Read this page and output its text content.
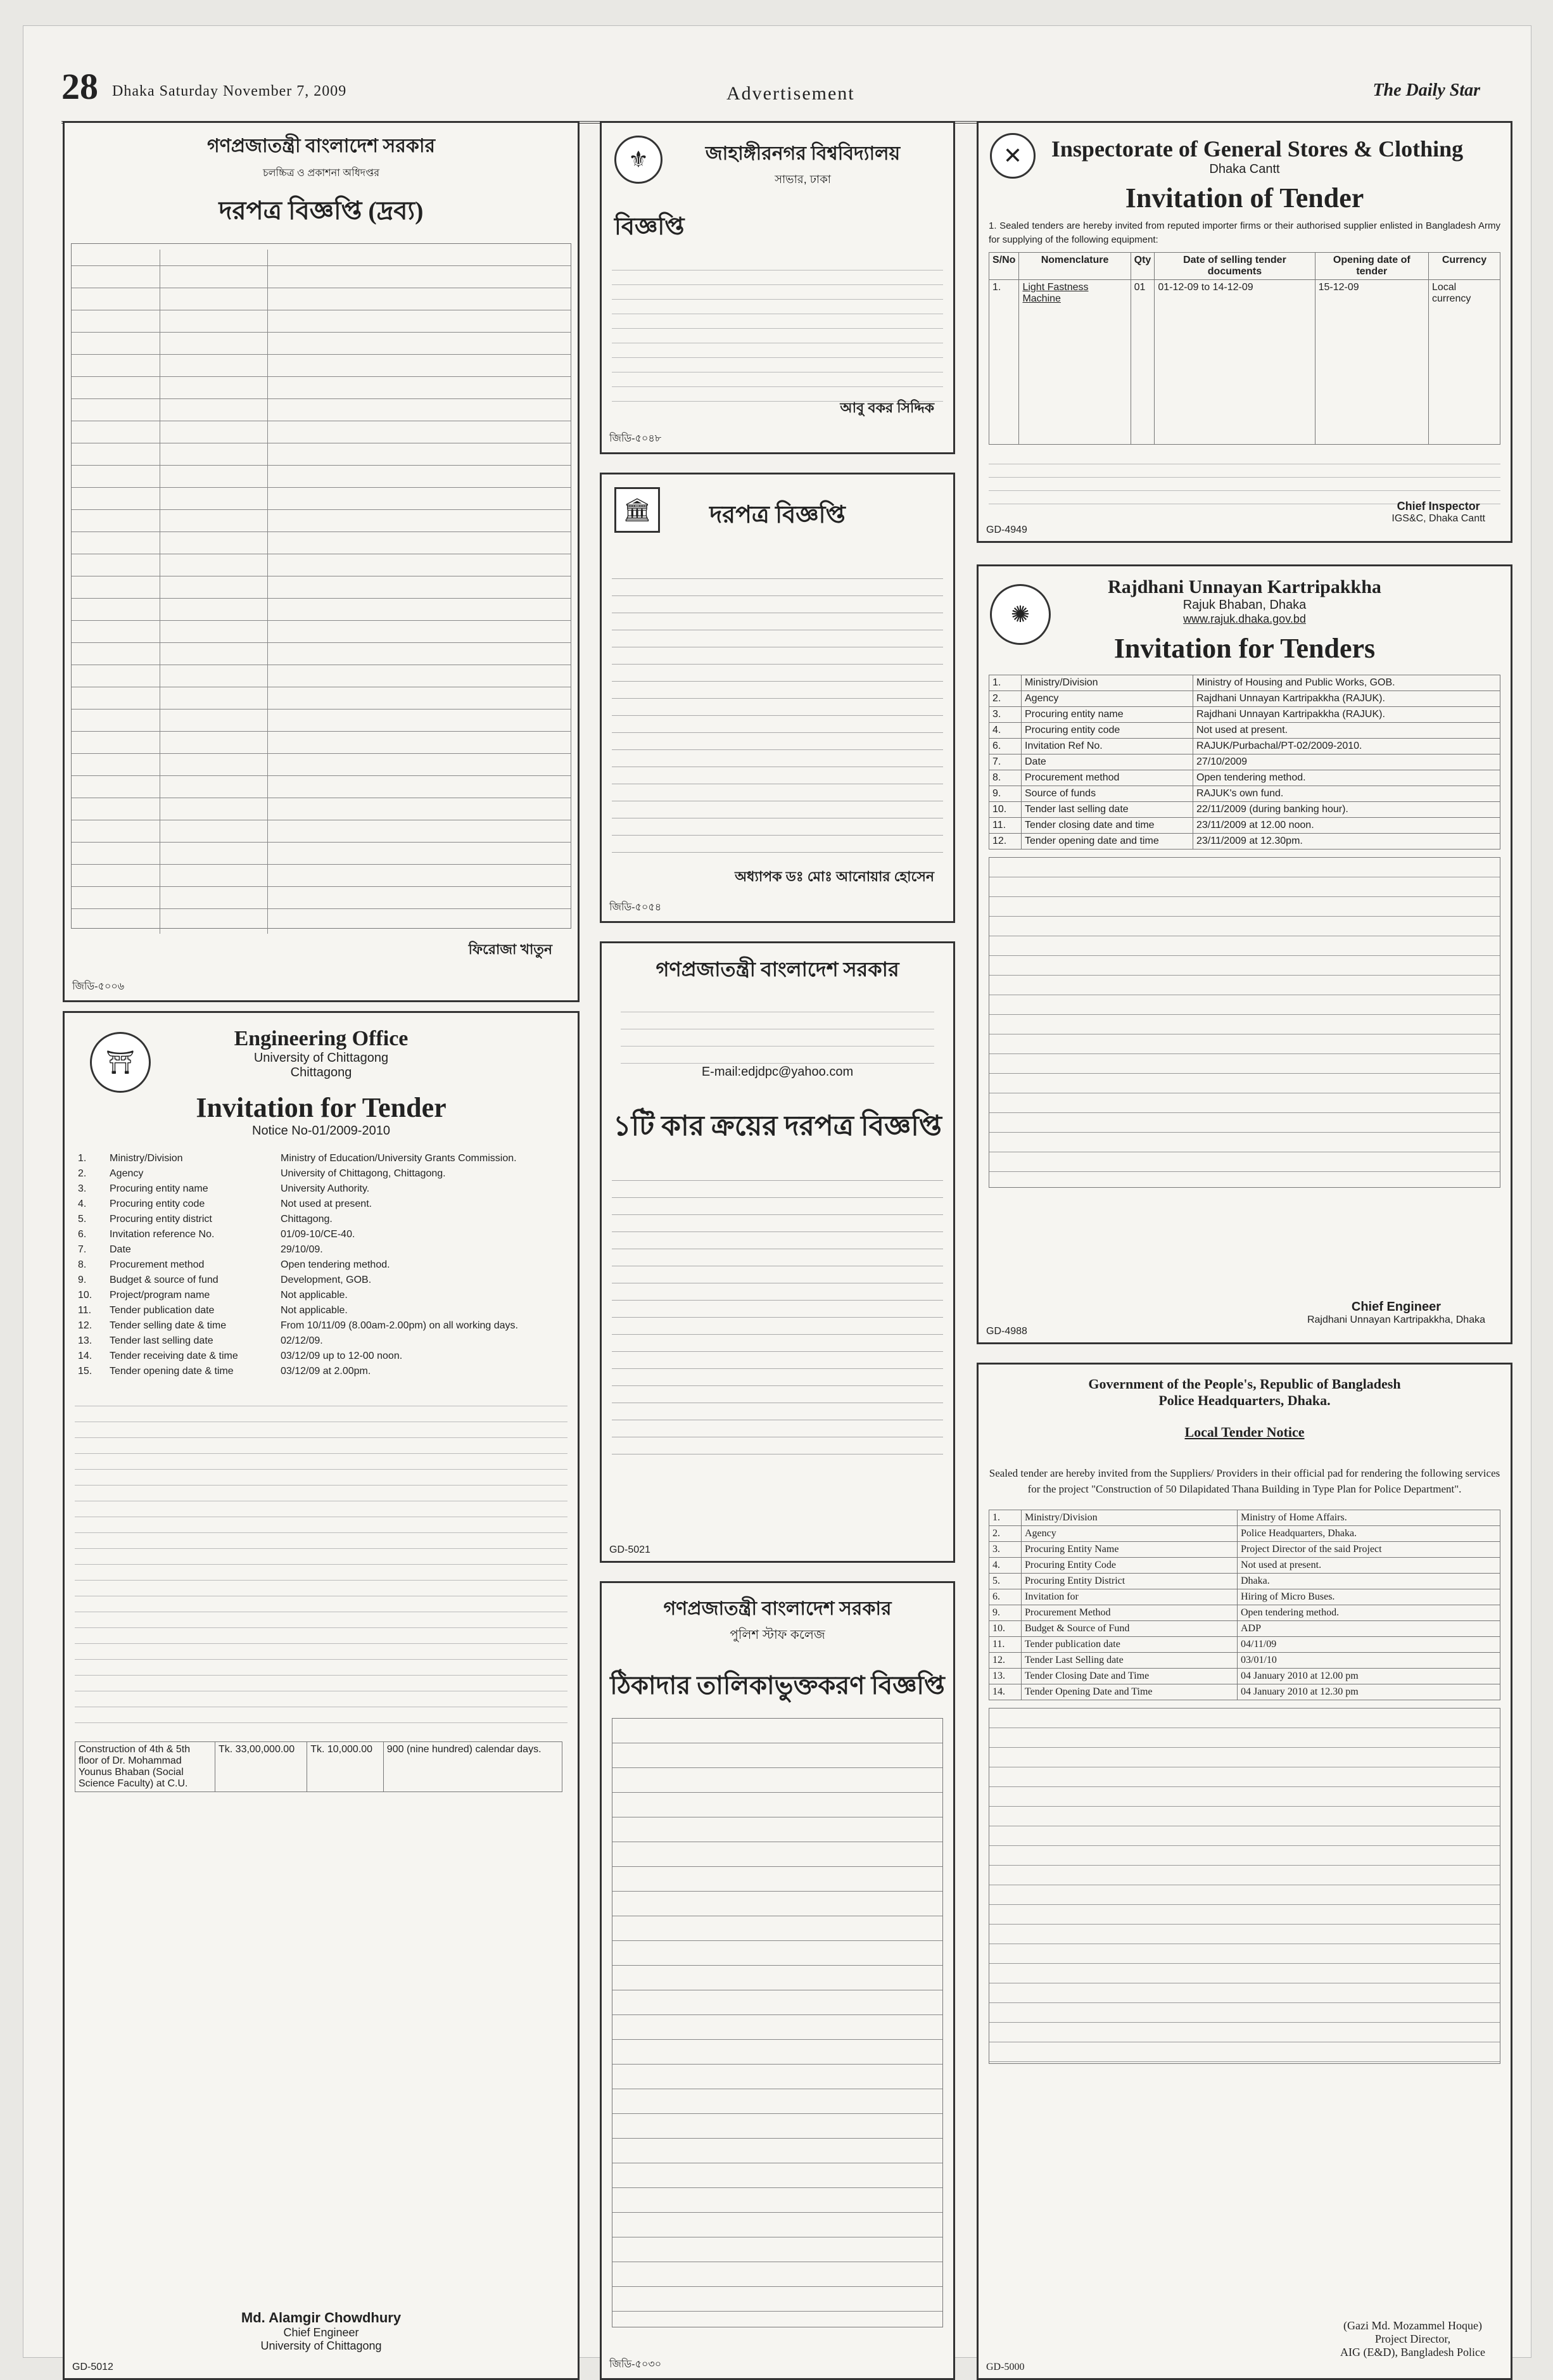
28 Dhaka Saturday November 7, 2009	Advertisement	The Daily Star
গণপ্রজাতন্ত্রী বাংলাদেশ সরকার
চলচ্চিত্র ও প্রকাশনা অধিদপ্তর
দরপত্র বিজ্ঞপ্তি (দ্রব্য)
ফিরোজা খাতুন
জিডি-৫০০৬
⛩
Engineering Office
University of Chittagong
Chittagong
Invitation for Tender
Notice No-01/2009-2010
1.	Ministry/Division	Ministry of Education/University Grants Commission.
2.	Agency	University of Chittagong, Chittagong.
3.	Procuring entity name	University Authority.
4.	Procuring entity code	Not used at present.
5.	Procuring entity district	Chittagong.
6.	Invitation reference No.	01/09-10/CE-40.
7.	Date	29/10/09.
8.	Procurement method	Open tendering method.
9.	Budget & source of fund	Development, GOB.
10.	Project/program name	Not applicable.
11.	Tender publication date	Not applicable.
12.	Tender selling date & time	From 10/11/09 (8.00am-2.00pm) on all working days.
13.	Tender last selling date	02/12/09.
14.	Tender receiving date & time	03/12/09 up to 12-00 noon.
15.	Tender opening date & time	03/12/09 at 2.00pm.
Construction of 4th & 5th floor of Dr. Mohammad Younus Bhaban (Social Science Faculty) at C.U.	Tk. 33,00,000.00	Tk. 10,000.00	900 (nine hundred) calendar days.
Md. Alamgir Chowdhury
Chief Engineer
University of Chittagong
GD-5012
⚜	জাহাঙ্গীরনগর বিশ্ববিদ্যালয়
সাভার, ঢাকা
বিজ্ঞপ্তি
আবু বকর সিদ্দিক
জিডি-৫০৪৮
🏛	দরপত্র বিজ্ঞপ্তি
অধ্যাপক ডঃ মোঃ আনোয়ার হোসেন
জিডি-৫০৫৪
গণপ্রজাতন্ত্রী বাংলাদেশ সরকার
E-mail:edjdpc@yahoo.com
১টি কার ক্রয়ের দরপত্র বিজ্ঞপ্তি
GD-5021
গণপ্রজাতন্ত্রী বাংলাদেশ সরকার
পুলিশ স্টাফ কলেজ
ঠিকাদার তালিকাভুক্তকরণ বিজ্ঞপ্তি
জিডি-৫০৩০
✕	Inspectorate of General Stores & Clothing
Dhaka Cantt
Invitation of Tender
1. Sealed tenders are hereby invited from reputed importer firms or their authorised supplier enlisted in Bangladesh Army for supplying of the following equipment:
S/No	Nomenclature	Qty	Date of selling tender documents	Opening date of tender	Currency
1.	Light Fastness Machine	01	01-12-09 to 14-12-09	15-12-09	Local currency
Chief Inspector
IGS&C, Dhaka Cantt
GD-4949
✺
Rajdhani Unnayan Kartripakkha
Rajuk Bhaban, Dhaka
www.rajuk.dhaka.gov.bd
Invitation for Tenders
1.	Ministry/Division	Ministry of Housing and Public Works, GOB.
2.	Agency	Rajdhani Unnayan Kartripakkha (RAJUK).
3.	Procuring entity name	Rajdhani Unnayan Kartripakkha (RAJUK).
4.	Procuring entity code	Not used at present.
6.	Invitation Ref No.	RAJUK/Purbachal/PT-02/2009-2010.
7.	Date	27/10/2009
8.	Procurement method	Open tendering method.
9.	Source of funds	RAJUK's own fund.
10.	Tender last selling date	22/11/2009 (during banking hour).
11.	Tender closing date and time	23/11/2009 at 12.00 noon.
12.	Tender opening date and time	23/11/2009 at 12.30pm.
Chief Engineer
Rajdhani Unnayan Kartripakkha, Dhaka
GD-4988
Government of the People's, Republic of Bangladesh
Police Headquarters, Dhaka.
Local Tender Notice
Sealed tender are hereby invited from the Suppliers/ Providers in their official pad for rendering the following services for the project "Construction of 50 Dilapidated Thana Building in Type Plan for Police Department".
1.	Ministry/Division	Ministry of Home Affairs.
2.	Agency	Police Headquarters, Dhaka.
3.	Procuring Entity Name	Project Director of the said Project
4.	Procuring Entity Code	Not used at present.
5.	Procuring Entity District	Dhaka.
6.	Invitation for	Hiring of Micro Buses.
9.	Procurement Method	Open tendering method.
10.	Budget & Source of Fund	ADP
11.	Tender publication date	04/11/09
12.	Tender Last Selling date	03/01/10
13.	Tender Closing Date and Time	04 January 2010 at 12.00 pm
14.	Tender Opening Date and Time	04 January 2010 at 12.30 pm
(Gazi Md. Mozammel Hoque)
Project Director,
AIG (E&D), Bangladesh Police
GD-5000
